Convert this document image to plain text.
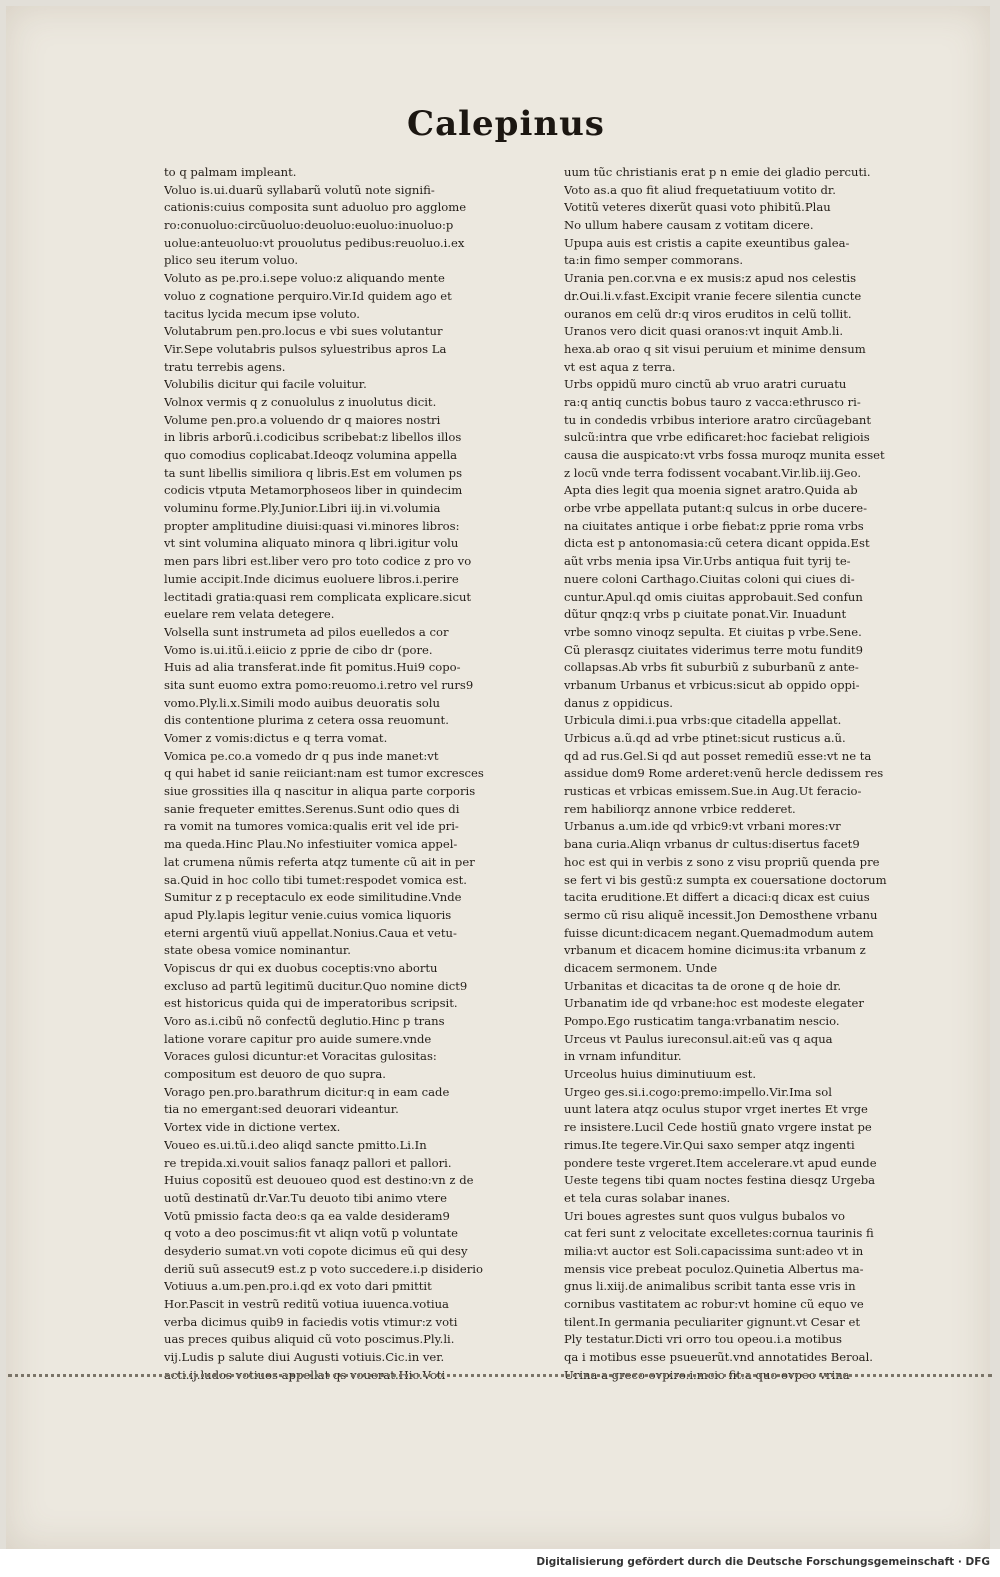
Calepinus
to q palmam impleant.
Voluo is.ui.duarũ syllabarũ volutũ note signifi-
cationis:cuius composita sunt aduoluo pro agglome
ro:conuoluo:circũuoluo:deuoluo:euoluo:inuoluo:p
uolue:anteuoluo:vt prouolutus pedibus:reuoluo.i.ex
plico seu iterum voluo.
Voluto as pe.pro.i.sepe voluo:z aliquando mente
voluo z cognatione perquiro.Vir.Id quidem ago et
tacitus lycida mecum ipse voluto.
Volutabrum pen.pro.locus e vbi sues volutantur
Vir.Sepe volutabris pulsos syluestribus apros La
tratu terrebis agens.
Volubilis dicitur qui facile voluitur.
Volnox vermis q z conuolulus z inuolutus dicit.
Volume pen.pro.a voluendo dr q maiores nostri
in libris arborũ.i.codicibus scribebat:z libellos illos
quo comodius coplicabat.Ideoqz volumina appella
ta sunt libellis similiora q libris.Est em volumen ps
codicis vtputa Metamorphoseos liber in quindecim
voluminu forme.Ply.Junior.Libri iij.in vi.volumia
propter amplitudine diuisi:quasi vi.minores libros:
vt sint volumina aliquato minora q libri.igitur volu
men pars libri est.liber vero pro toto codice z pro vo
lumie accipit.Inde dicimus euoluere libros.i.perire
lectitadi gratia:quasi rem complicata explicare.sicut
euelare rem velata detegere.
Volsella sunt instrumeta ad pilos euelledos a cor
Vomo is.ui.itũ.i.eiicio z pprie de cibo dr (pore.
Huis ad alia transferat.inde fit pomitus.Hui9 copo-
sita sunt euomo extra pomo:reuomo.i.retro vel rurs9
vomo.Ply.li.x.Simili modo auibus deuoratis solu
dis contentione plurima z cetera ossa reuomunt.
Vomer z vomis:dictus e q terra vomat.
Vomica pe.co.a vomedo dr q pus inde manet:vt
q qui habet id sanie reiiciant:nam est tumor excresces
siue grossities illa q nascitur in aliqua parte corporis
sanie frequeter emittes.Serenus.Sunt odio ques di
ra vomit na tumores vomica:qualis erit vel ide pri-
ma queda.Hinc Plau.No infestiuiter vomica appel-
lat crumena nũmis referta atqz tumente cũ ait in per
sa.Quid in hoc collo tibi tumet:respodet vomica est.
Sumitur z p receptaculo ex eode similitudine.Vnde
apud Ply.lapis legitur venie.cuius vomica liquoris
eterni argentũ viuũ appellat.Nonius.Caua et vetu-
state obesa vomice nominantur.
Vopiscus dr qui ex duobus coceptis:vno abortu
excluso ad partũ legitimũ ducitur.Quo nomine dict9
est historicus quida qui de imperatoribus scripsit.
Voro as.i.cibũ nõ confectũ deglutio.Hinc p trans
latione vorare capitur pro auide sumere.vnde
Voraces gulosi dicuntur:et Voracitas gulositas:
compositum est deuoro de quo supra.
Vorago pen.pro.barathrum dicitur:q in eam cade
tia no emergant:sed deuorari videantur.
Vortex vide in dictione vertex.
Voueo es.ui.tũ.i.deo aliqd sancte pmitto.Li.In
re trepida.xi.vouit salios fanaqz pallori et pallori.
Huius copositũ est deuoueo quod est destino:vn z de
uotũ destinatũ dr.Var.Tu deuoto tibi animo vtere
Votũ pmissio facta deo:s qa ea valde desideram9
q voto a deo poscimus:fit vt aliqn votũ p voluntate
desyderio sumat.vn voti copote dicimus eũ qui desy
deriũ suũ assecut9 est.z p voto succedere.i.p disiderio
Votiuus a.um.pen.pro.i.qd ex voto dari pmittit
Hor.Pascit in vestrũ reditũ votiua iuuenca.votiua
verba dicimus quib9 in faciedis votis vtimur:z voti
uas preces quibus aliquid cũ voto poscimus.Ply.li.
vij.Ludis p salute diui Augusti votiuis.Cic.in ver.
acti.ij.ludos votiuos appellat qs vouerat.Hic.Voti
uum tũc christianis erat p n emie dei gladio percuti.
Voto as.a quo fit aliud frequetatiuum votito dr.
Votitũ veteres dixerũt quasi voto phibitũ.Plau
No ullum habere causam z votitam dicere.
Upupa auis est cristis a capite exeuntibus galea-
ta:in fimo semper commorans.
Urania pen.cor.vna e ex musis:z apud nos celestis
dr.Oui.li.v.fast.Excipit vranie fecere silentia cuncte
ouranos em celũ dr:q viros eruditos in celũ tollit.
Uranos vero dicit quasi oranos:vt inquit Amb.li.
hexa.ab orao q sit visui peruium et minime densum
vt est aqua z terra.
Urbs oppidũ muro cinctũ ab vruo aratri curuatu
ra:q antiq cunctis bobus tauro z vacca:ethrusco ri-
tu in condedis vrbibus interiore aratro circũagebant
sulcũ:intra que vrbe edificaret:hoc faciebat religiois
causa die auspicato:vt vrbs fossa muroqz munita esset
z locũ vnde terra fodissent vocabant.Vir.lib.iij.Geo.
Apta dies legit qua moenia signet aratro.Quida ab
orbe vrbe appellata putant:q sulcus in orbe ducere-
na ciuitates antique i orbe fiebat:z pprie roma vrbs
dicta est p antonomasia:cũ cetera dicant oppida.Est
aũt vrbs menia ipsa Vir.Urbs antiqua fuit tyrij te-
nuere coloni Carthago.Ciuitas coloni qui ciues di-
cuntur.Apul.qd omis ciuitas approbauit.Sed confun
dũtur qnqz:q vrbs p ciuitate ponat.Vir. Inuadunt
vrbe somno vinoqz sepulta. Et ciuitas p vrbe.Sene.
Cũ plerasqz ciuitates viderimus terre motu fundit9
collapsas.Ab vrbs fit suburbiũ z suburbanũ z ante-
vrbanum Urbanus et vrbicus:sicut ab oppido oppi-
danus z oppidicus.
Urbicula dimi.i.pua vrbs:que citadella appellat.
Urbicus a.ũ.qd ad vrbe ptinet:sicut rusticus a.ũ.
qd ad rus.Gel.Si qd aut posset remediũ esse:vt ne ta
assidue dom9 Rome arderet:venũ hercle dedissem res
rusticas et vrbicas emissem.Sue.in Aug.Ut feracio-
rem habiliorqz annone vrbice redderet.
Urbanus a.um.ide qd vrbic9:vt vrbani mores:vr
bana curia.Aliqn vrbanus dr cultus:disertus facet9
hoc est qui in verbis z sono z visu propriũ quenda pre
se fert vi bis gestũ:z sumpta ex couersatione doctorum
tacita eruditione.Et differt a dicaci:q dicax est cuius
sermo cũ risu aliquẽ incessit.Jon Demosthene vrbanu
fuisse dicunt:dicacem negant.Quemadmodum autem
vrbanum et dicacem homine dicimus:ita vrbanum z
dicacem sermonem. Unde
Urbanitas et dicacitas ta de orone q de hoie dr.
Urbanatim ide qd vrbane:hoc est modeste elegater
Pompo.Ego rusticatim tanga:vrbanatim nescio.
Urceus vt Paulus iureconsul.ait:eũ vas q aqua
in vrnam infunditur.
Urceolus huius diminutiuum est.
Urgeo ges.si.i.cogo:premo:impello.Vir.Ima sol
uunt latera atqz oculus stupor vrget inertes Et vrge
re insistere.Lucil Cede hostiũ gnato vrgere instat pe
rimus.Ite tegere.Vir.Qui saxo semper atqz ingenti
pondere teste vrgeret.Item accelerare.vt apud eunde
Ueste tegens tibi quam noctes festina diesqz Urgeba
et tela curas solabar inanes.
Uri boues agrestes sunt quos vulgus bubalos vo
cat feri sunt z velocitate excelletes:cornua taurinis fi
milia:vt auctor est Soli.capacissima sunt:adeo vt in
mensis vice prebeat poculoz.Quinetia Albertus ma-
gnus li.xiij.de animalibus scribit tanta esse vris in
cornibus vastitatem ac robur:vt homine cũ equo ve
tilent.In germania peculiariter gignunt.vt Cesar et
Ply testatur.Dicti vri orro tou opeou.i.a motibus
qa i motibus esse psueuerũt.vnd annotatides Beroal.
Urina a greco ovpiro.i.mcio fit:a quo ovpeo vrina
Digitalisierung gefördert durch die Deutsche Forschungsgemeinschaft · DFG
